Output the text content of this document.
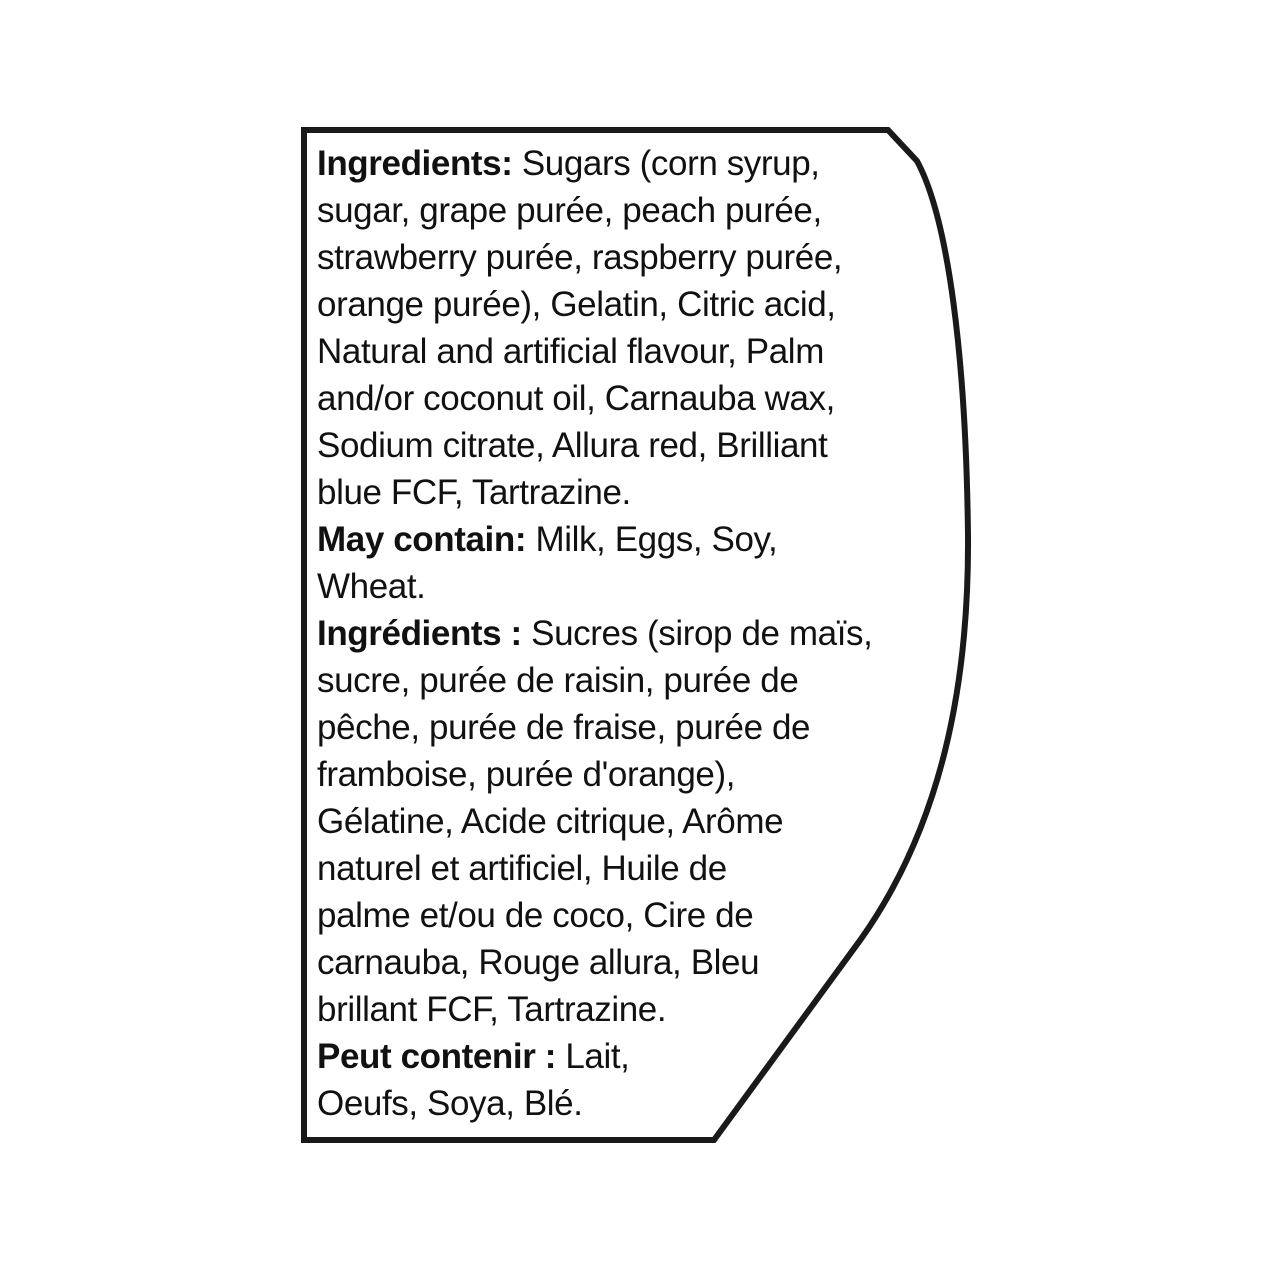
Ingredients: Sugars (corn syrup,
sugar, grape purée, peach purée,
strawberry purée, raspberry purée,
orange purée), Gelatin, Citric acid,
Natural and artificial flavour, Palm
and/or coconut oil, Carnauba wax,
Sodium citrate, Allura red, Brilliant
blue FCF, Tartrazine.
May contain: Milk, Eggs, Soy,
Wheat.
Ingrédients : Sucres (sirop de maïs,
sucre, purée de raisin, purée de
pêche, purée de fraise, purée de
framboise, purée d'orange),
Gélatine, Acide citrique, Arôme
naturel et artificiel, Huile de
palme et/ou de coco, Cire de
carnauba, Rouge allura, Bleu
brillant FCF, Tartrazine.
Peut contenir : Lait,
Oeufs, Soya, Blé.
